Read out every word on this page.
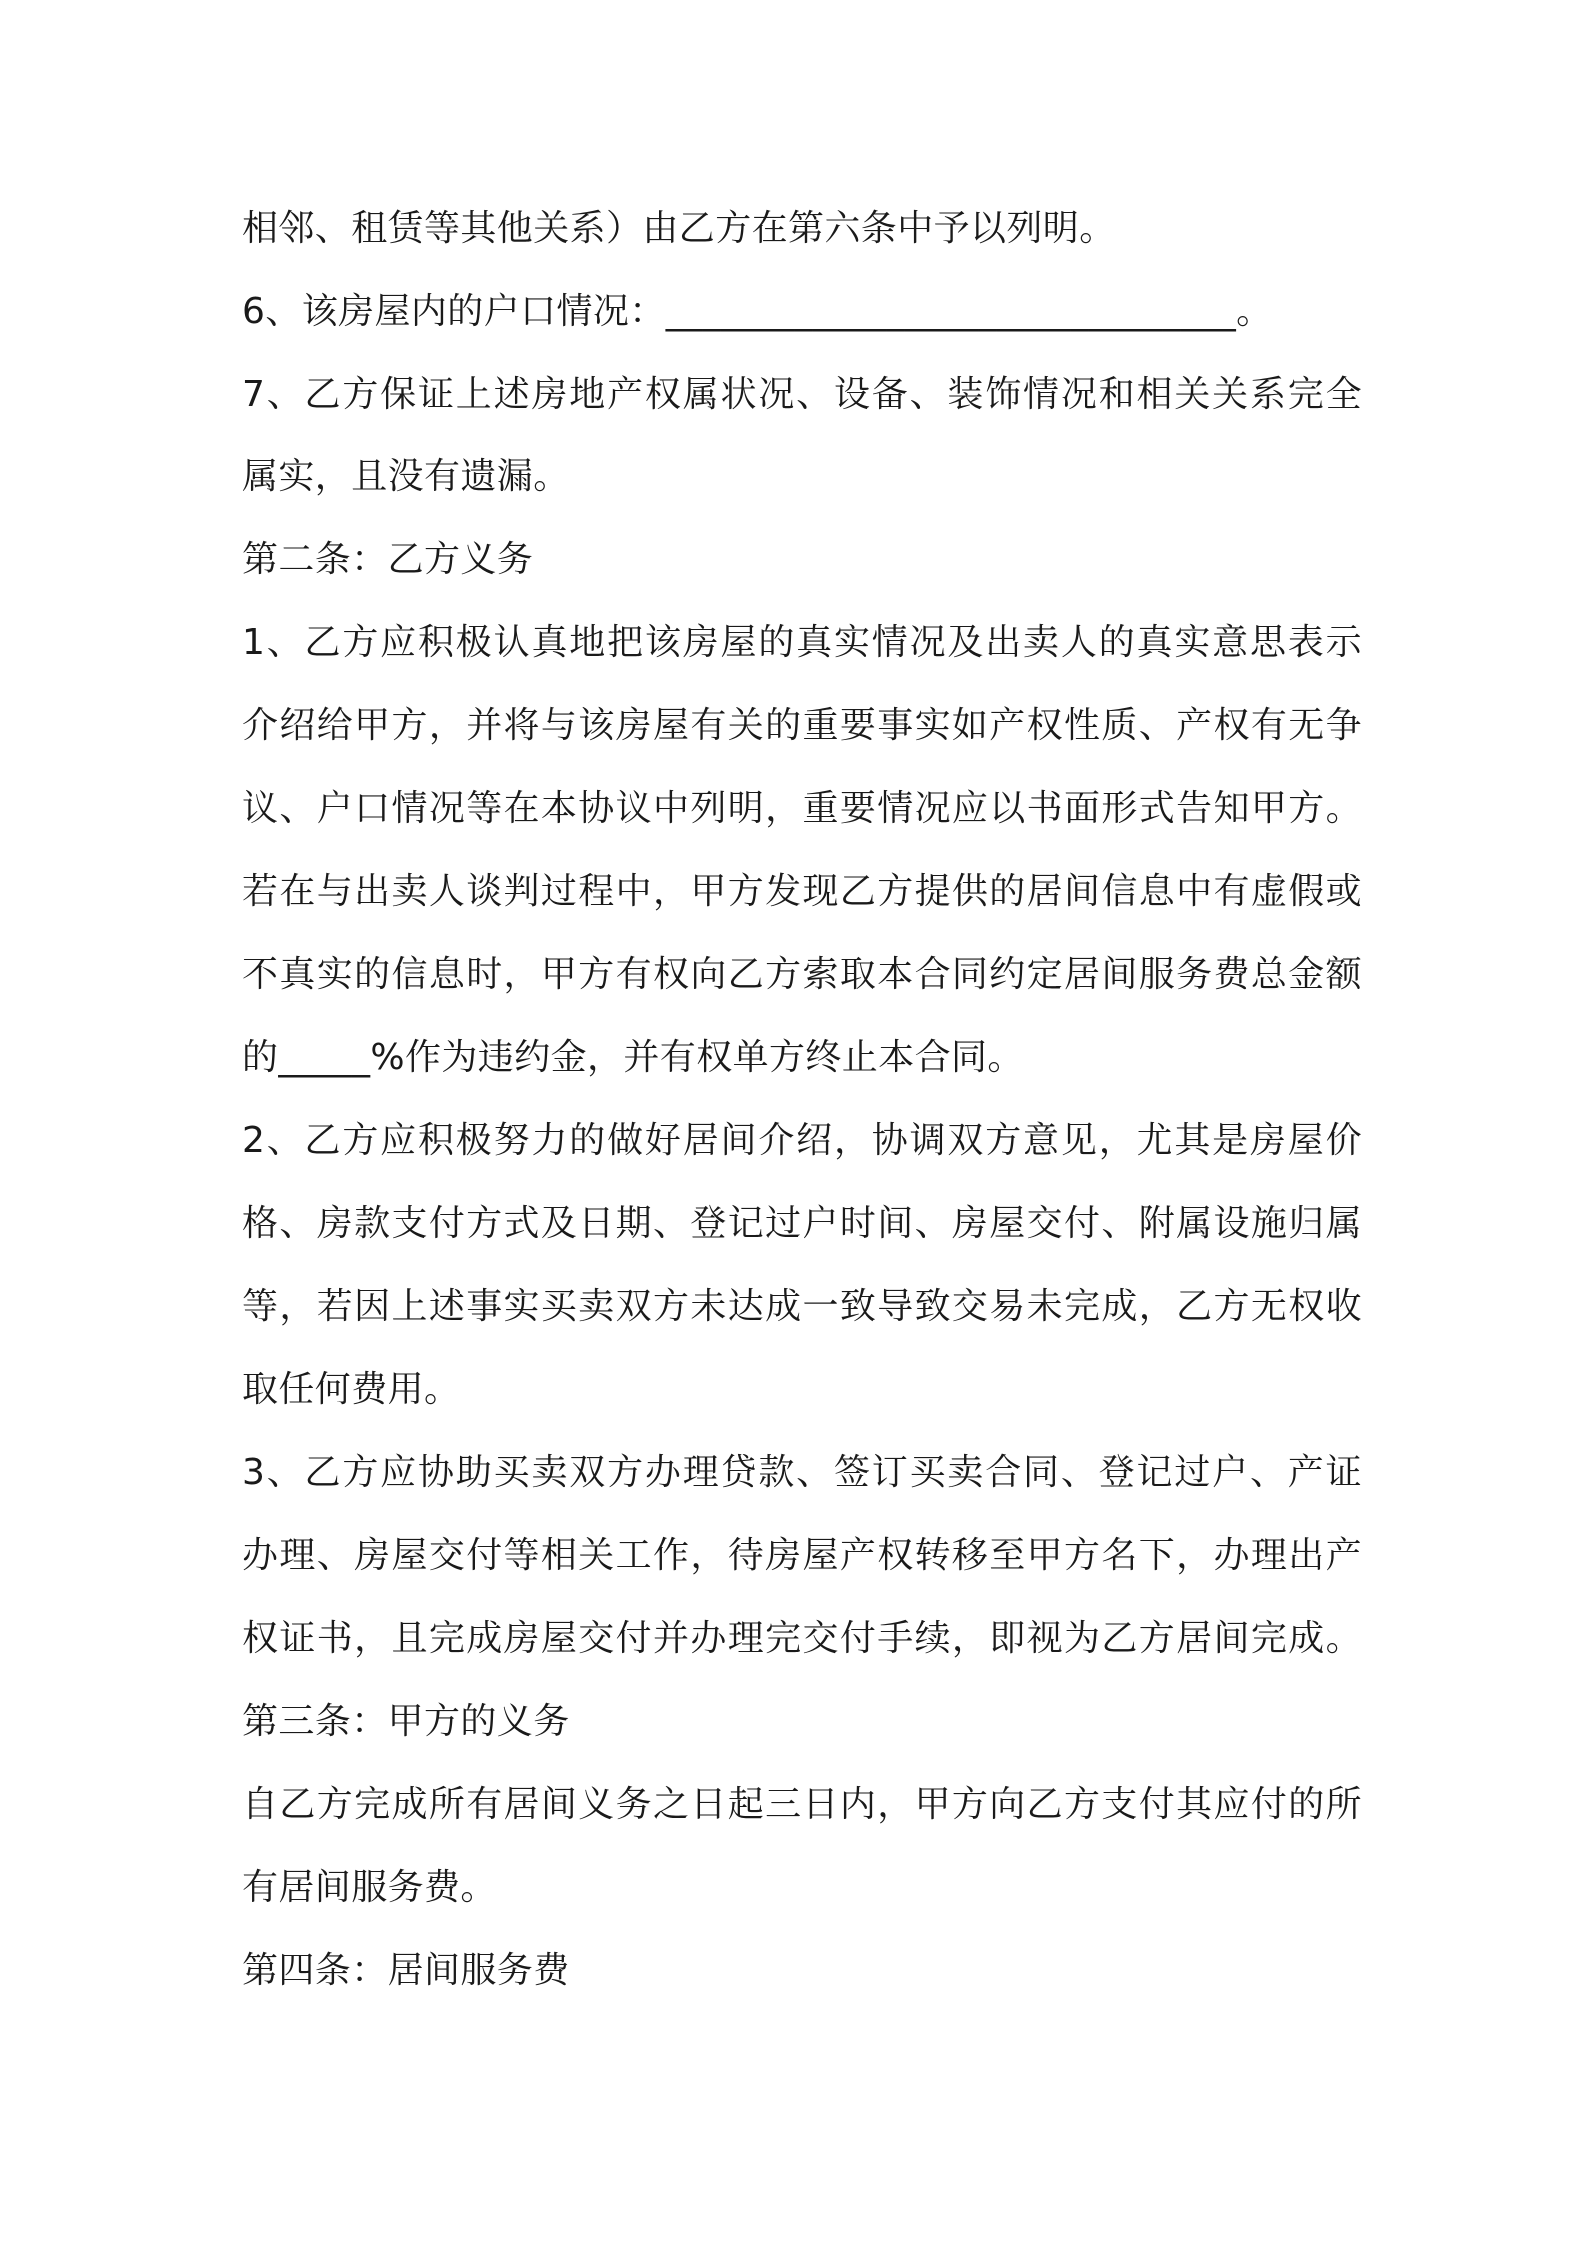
相邻、租赁等其他关系）由乙方在第六条中予以列明。

6、该房屋内的户口情况：_______________________________。

7、乙方保证上述房地产权属状况、设备、装饰情况和相关关系完全

属实，且没有遗漏。

第二条：乙方义务

1、乙方应积极认真地把该房屋的真实情况及出卖人的真实意思表示

介绍给甲方，并将与该房屋有关的重要事实如产权性质、产权有无争

议、户口情况等在本协议中列明，重要情况应以书面形式告知甲方。

若在与出卖人谈判过程中，甲方发现乙方提供的居间信息中有虚假或

不真实的信息时，甲方有权向乙方索取本合同约定居间服务费总金额

的_____%作为违约金，并有权单方终止本合同。

2、乙方应积极努力的做好居间介绍，协调双方意见，尤其是房屋价

格、房款支付方式及日期、登记过户时间、房屋交付、附属设施归属

等，若因上述事实买卖双方未达成一致导致交易未完成，乙方无权收

取任何费用。

3、乙方应协助买卖双方办理贷款、签订买卖合同、登记过户、产证

办理、房屋交付等相关工作，待房屋产权转移至甲方名下，办理出产

权证书，且完成房屋交付并办理完交付手续，即视为乙方居间完成。

第三条：甲方的义务

自乙方完成所有居间义务之日起三日内，甲方向乙方支付其应付的所

有居间服务费。

第四条：居间服务费
